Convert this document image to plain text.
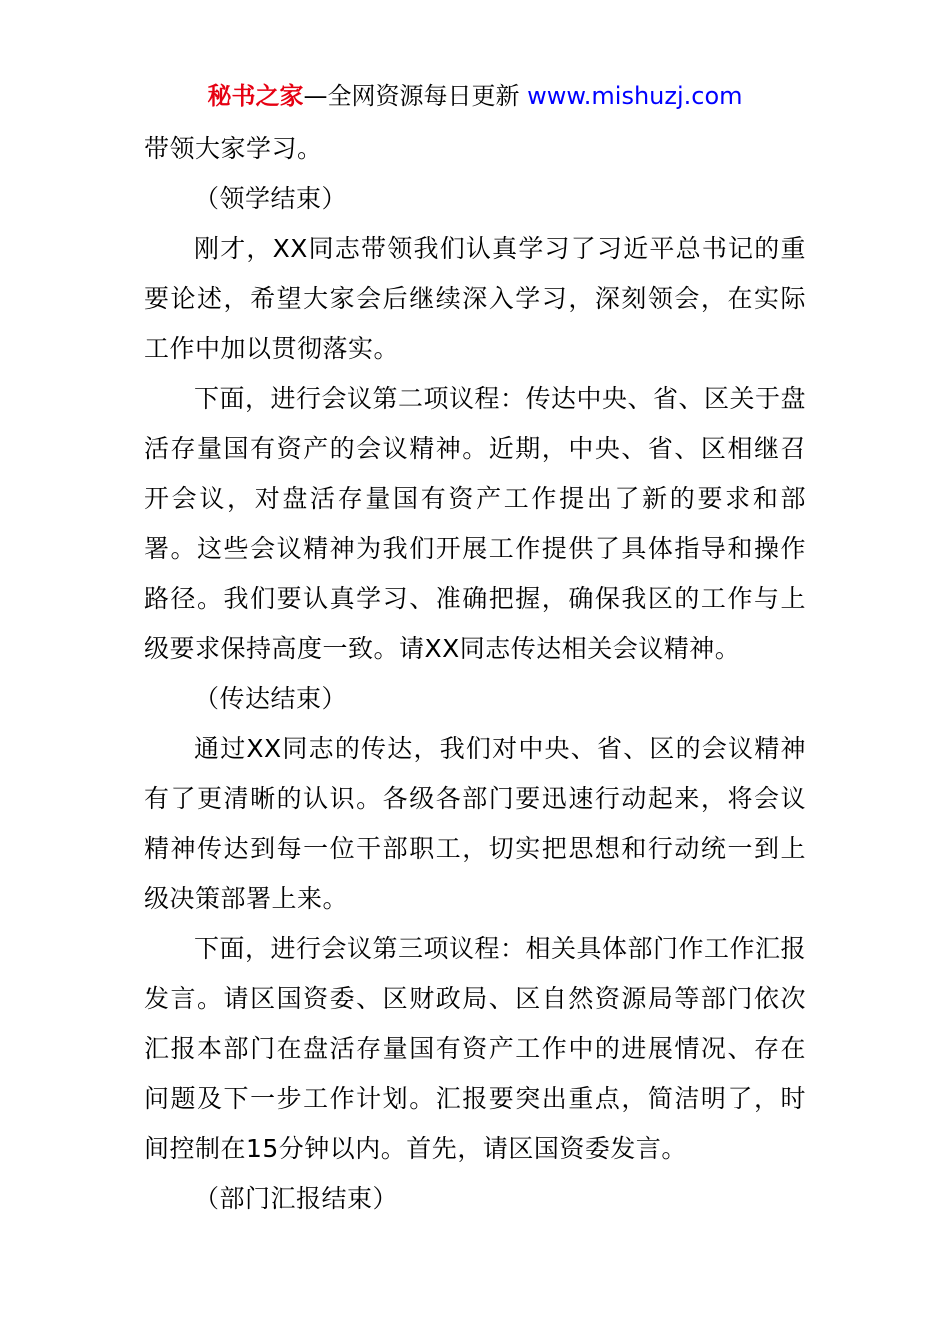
秘书之家—全网资源每日更新 www.mishuzj.com

带领大家学习。

（领学结束）

刚才，XX同志带领我们认真学习了习近平总书记的重要论述，希望大家会后继续深入学习，深刻领会，在实际工作中加以贯彻落实。

下面，进行会议第二项议程：传达中央、省、区关于盘活存量国有资产的会议精神。近期，中央、省、区相继召开会议，对盘活存量国有资产工作提出了新的要求和部署。这些会议精神为我们开展工作提供了具体指导和操作路径。我们要认真学习、准确把握，确保我区的工作与上级要求保持高度一致。请XX同志传达相关会议精神。

（传达结束）

通过XX同志的传达，我们对中央、省、区的会议精神有了更清晰的认识。各级各部门要迅速行动起来，将会议精神传达到每一位干部职工，切实把思想和行动统一到上级决策部署上来。

下面，进行会议第三项议程：相关具体部门作工作汇报发言。请区国资委、区财政局、区自然资源局等部门依次汇报本部门在盘活存量国有资产工作中的进展情况、存在问题及下一步工作计划。汇报要突出重点，简洁明了，时间控制在15分钟以内。首先，请区国资委发言。

（部门汇报结束）
